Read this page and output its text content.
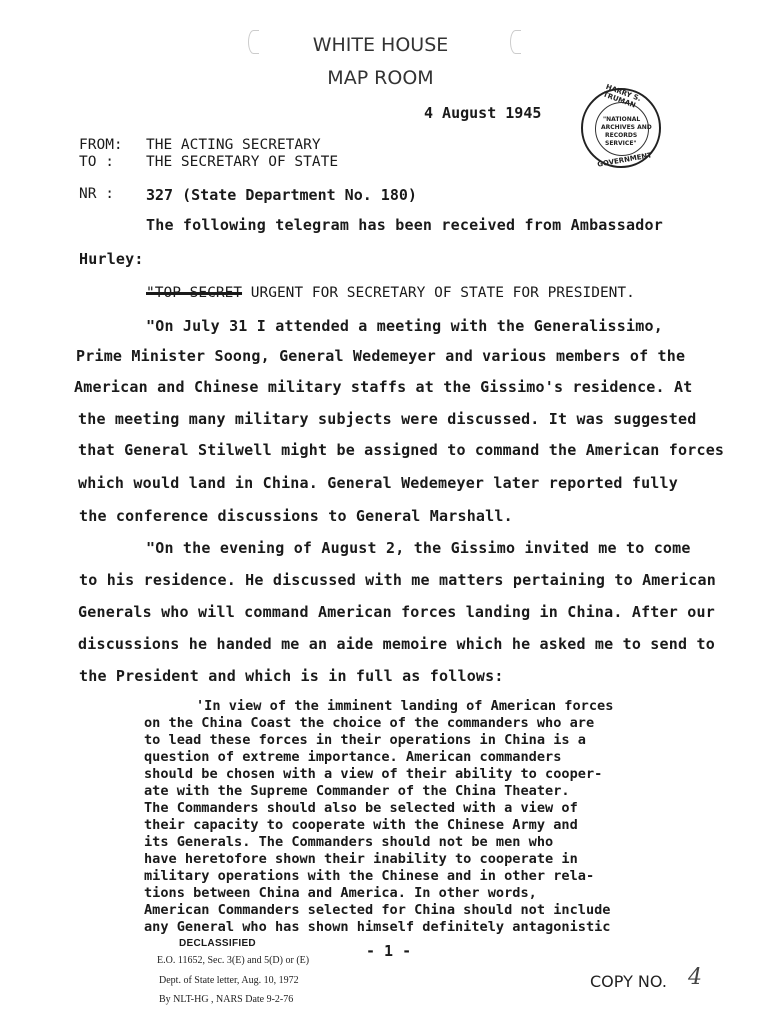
WHITE HOUSE
MAP ROOM
4 August 1945
HARRY S. TRUMAN
"NATIONAL
ARCHIVES AND
RECORDS
SERVICE"
GOVERNMENT
FROM: THE ACTING SECRETARY
TO : THE SECRETARY OF STATE
NR : 327 (State Department No. 180)
The following telegram has been received from Ambassador
Hurley:
"TOP SECRET URGENT FOR SECRETARY OF STATE FOR PRESIDENT.
"On July 31 I attended a meeting with the Generalissimo,
Prime Minister Soong, General Wedemeyer and various members of the
American and Chinese military staffs at the Gissimo's residence. At
the meeting many military subjects were discussed. It was suggested
that General Stilwell might be assigned to command the American forces
which would land in China. General Wedemeyer later reported fully
the conference discussions to General Marshall.
"On the evening of August 2, the Gissimo invited me to come
to his residence. He discussed with me matters pertaining to American
Generals who will command American forces landing in China. After our
discussions he handed me an aide memoire which he asked me to send to
the President and which is in full as follows:
'In view of the imminent landing of American forces
on the China Coast the choice of the commanders who are
to lead these forces in their operations in China is a
question of extreme importance. American commanders
should be chosen with a view of their ability to cooper-
ate with the Supreme Commander of the China Theater.
The Commanders should also be selected with a view of
their capacity to cooperate with the Chinese Army and
its Generals. The Commanders should not be men who
have heretofore shown their inability to cooperate in
military operations with the Chinese and in other rela-
tions between China and America. In other words,
American Commanders selected for China should not include
any General who has shown himself definitely antagonistic
DECLASSIFIED
E.O. 11652, Sec. 3(E) and 5(D) or (E)
Dept. of State letter, Aug. 10, 1972
By NLT-HG , NARS Date 9-2-76
- 1 -
COPY NO. 4
